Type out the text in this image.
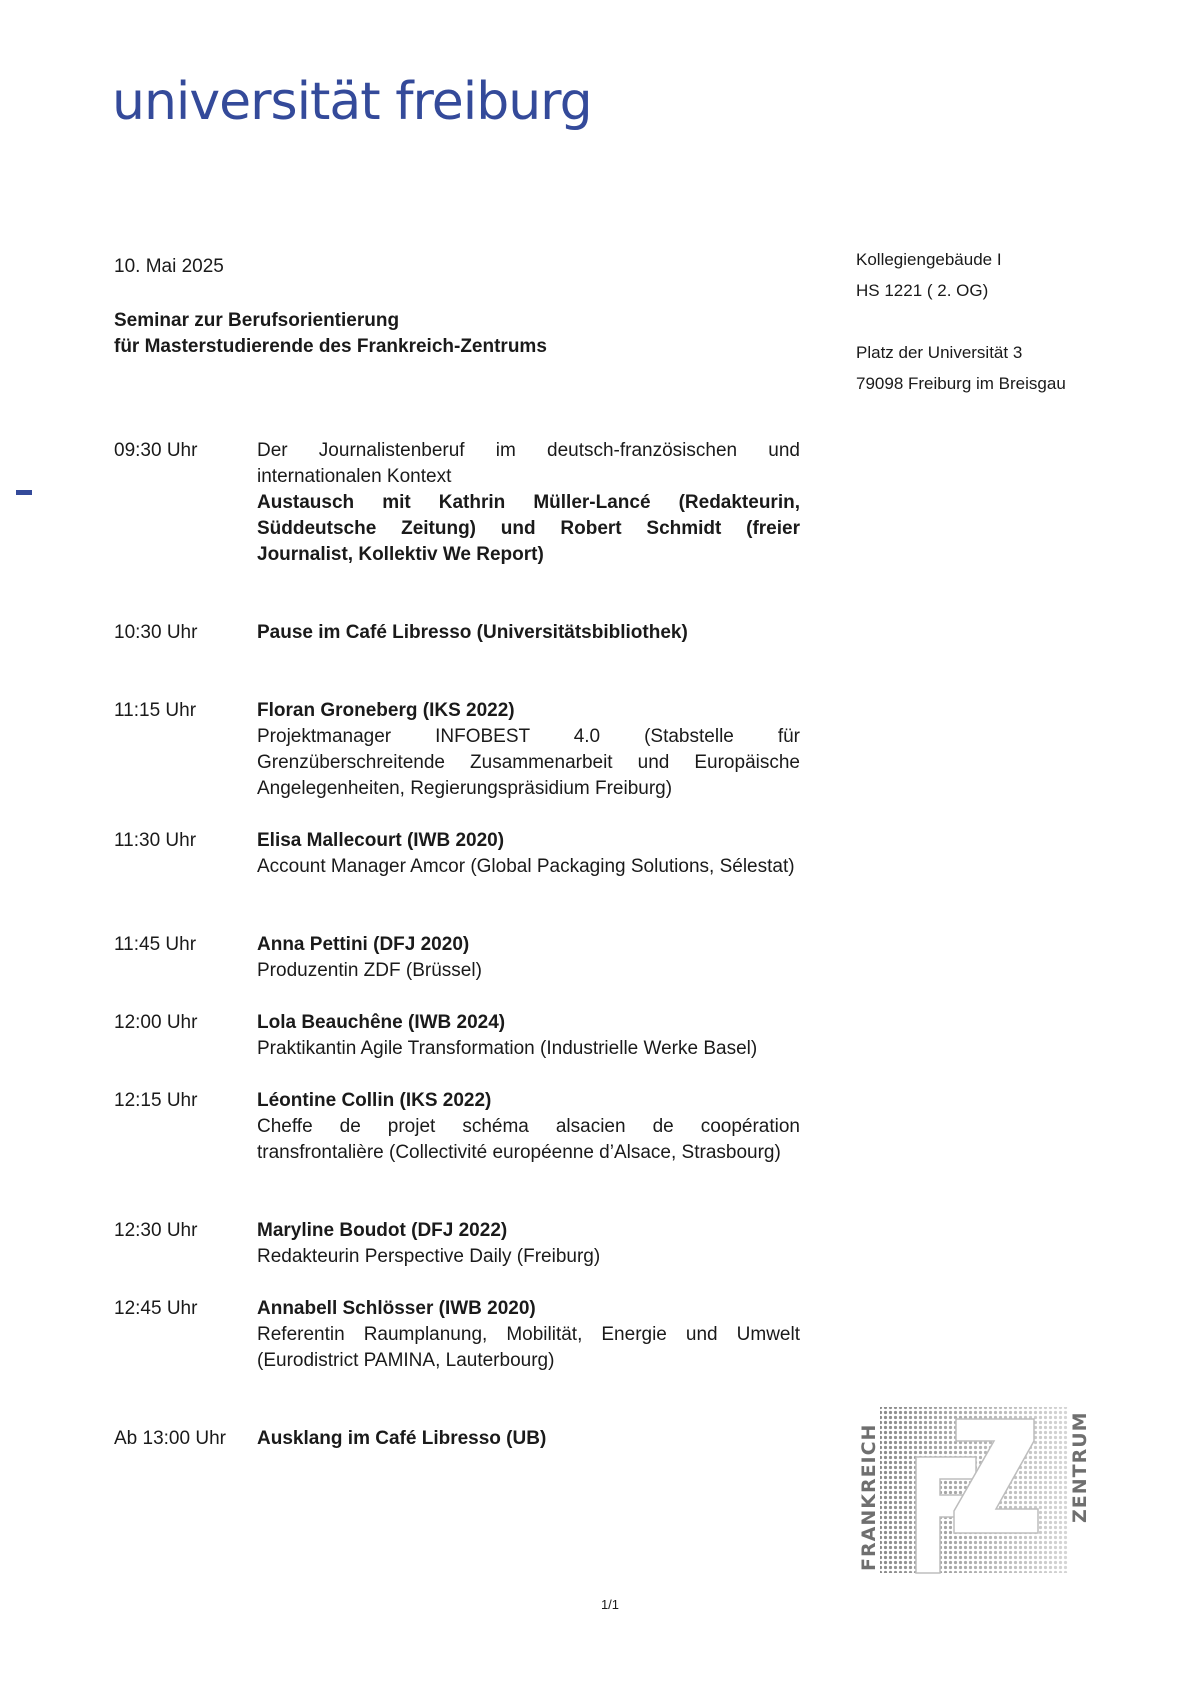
universität freiburg
10. Mai 2025
Seminar zur Berufsorientierung
für Masterstudierende des Frankreich-Zentrums
Kollegiengebäude I
HS 1221 ( 2. OG)
Platz der Universität 3
79098 Freiburg im Breisgau
09:30 Uhr	Der Journalistenberuf im deutsch-französischen und internationalen Kontext

Austausch mit Kathrin Müller-Lancé (Redakteurin, Süddeutsche Zeitung) und Robert Schmidt (freier Journalist, Kollektiv We Report)

10:30 Uhr	Pause im Café Libresso (Universitätsbibliothek)

11:15 Uhr	Floran Groneberg (IKS 2022)

Projektmanager INFOBEST 4.0 (Stabstelle für Grenzüberschreitende Zusammenarbeit und Europäische Angelegenheiten, Regierungspräsidium Freiburg)

11:30 Uhr	Elisa Mallecourt (IWB 2020)

Account Manager Amcor (Global Packaging Solutions, Sélestat)

11:45 Uhr	Anna Pettini (DFJ 2020)

Produzentin ZDF (Brüssel)

12:00 Uhr	Lola Beauchêne (IWB 2024)

Praktikantin Agile Transformation (Industrielle Werke Basel)

12:15 Uhr	Léontine Collin (IKS 2022)

Cheffe de projet schéma alsacien de coopération transfrontalière (Collectivité européenne d’Alsace, Strasbourg)

12:30 Uhr	Maryline Boudot (DFJ 2022)

Redakteurin Perspective Daily (Freiburg)

12:45 Uhr	Annabell Schlösser (IWB 2020)

Referentin Raumplanung, Mobilität, Energie und Umwelt (Eurodistrict PAMINA, Lauterbourg)

Ab 13:00 Uhr Ausklang im Café Libresso (UB)	FRANKREICH	ZENTRUM
1/1
